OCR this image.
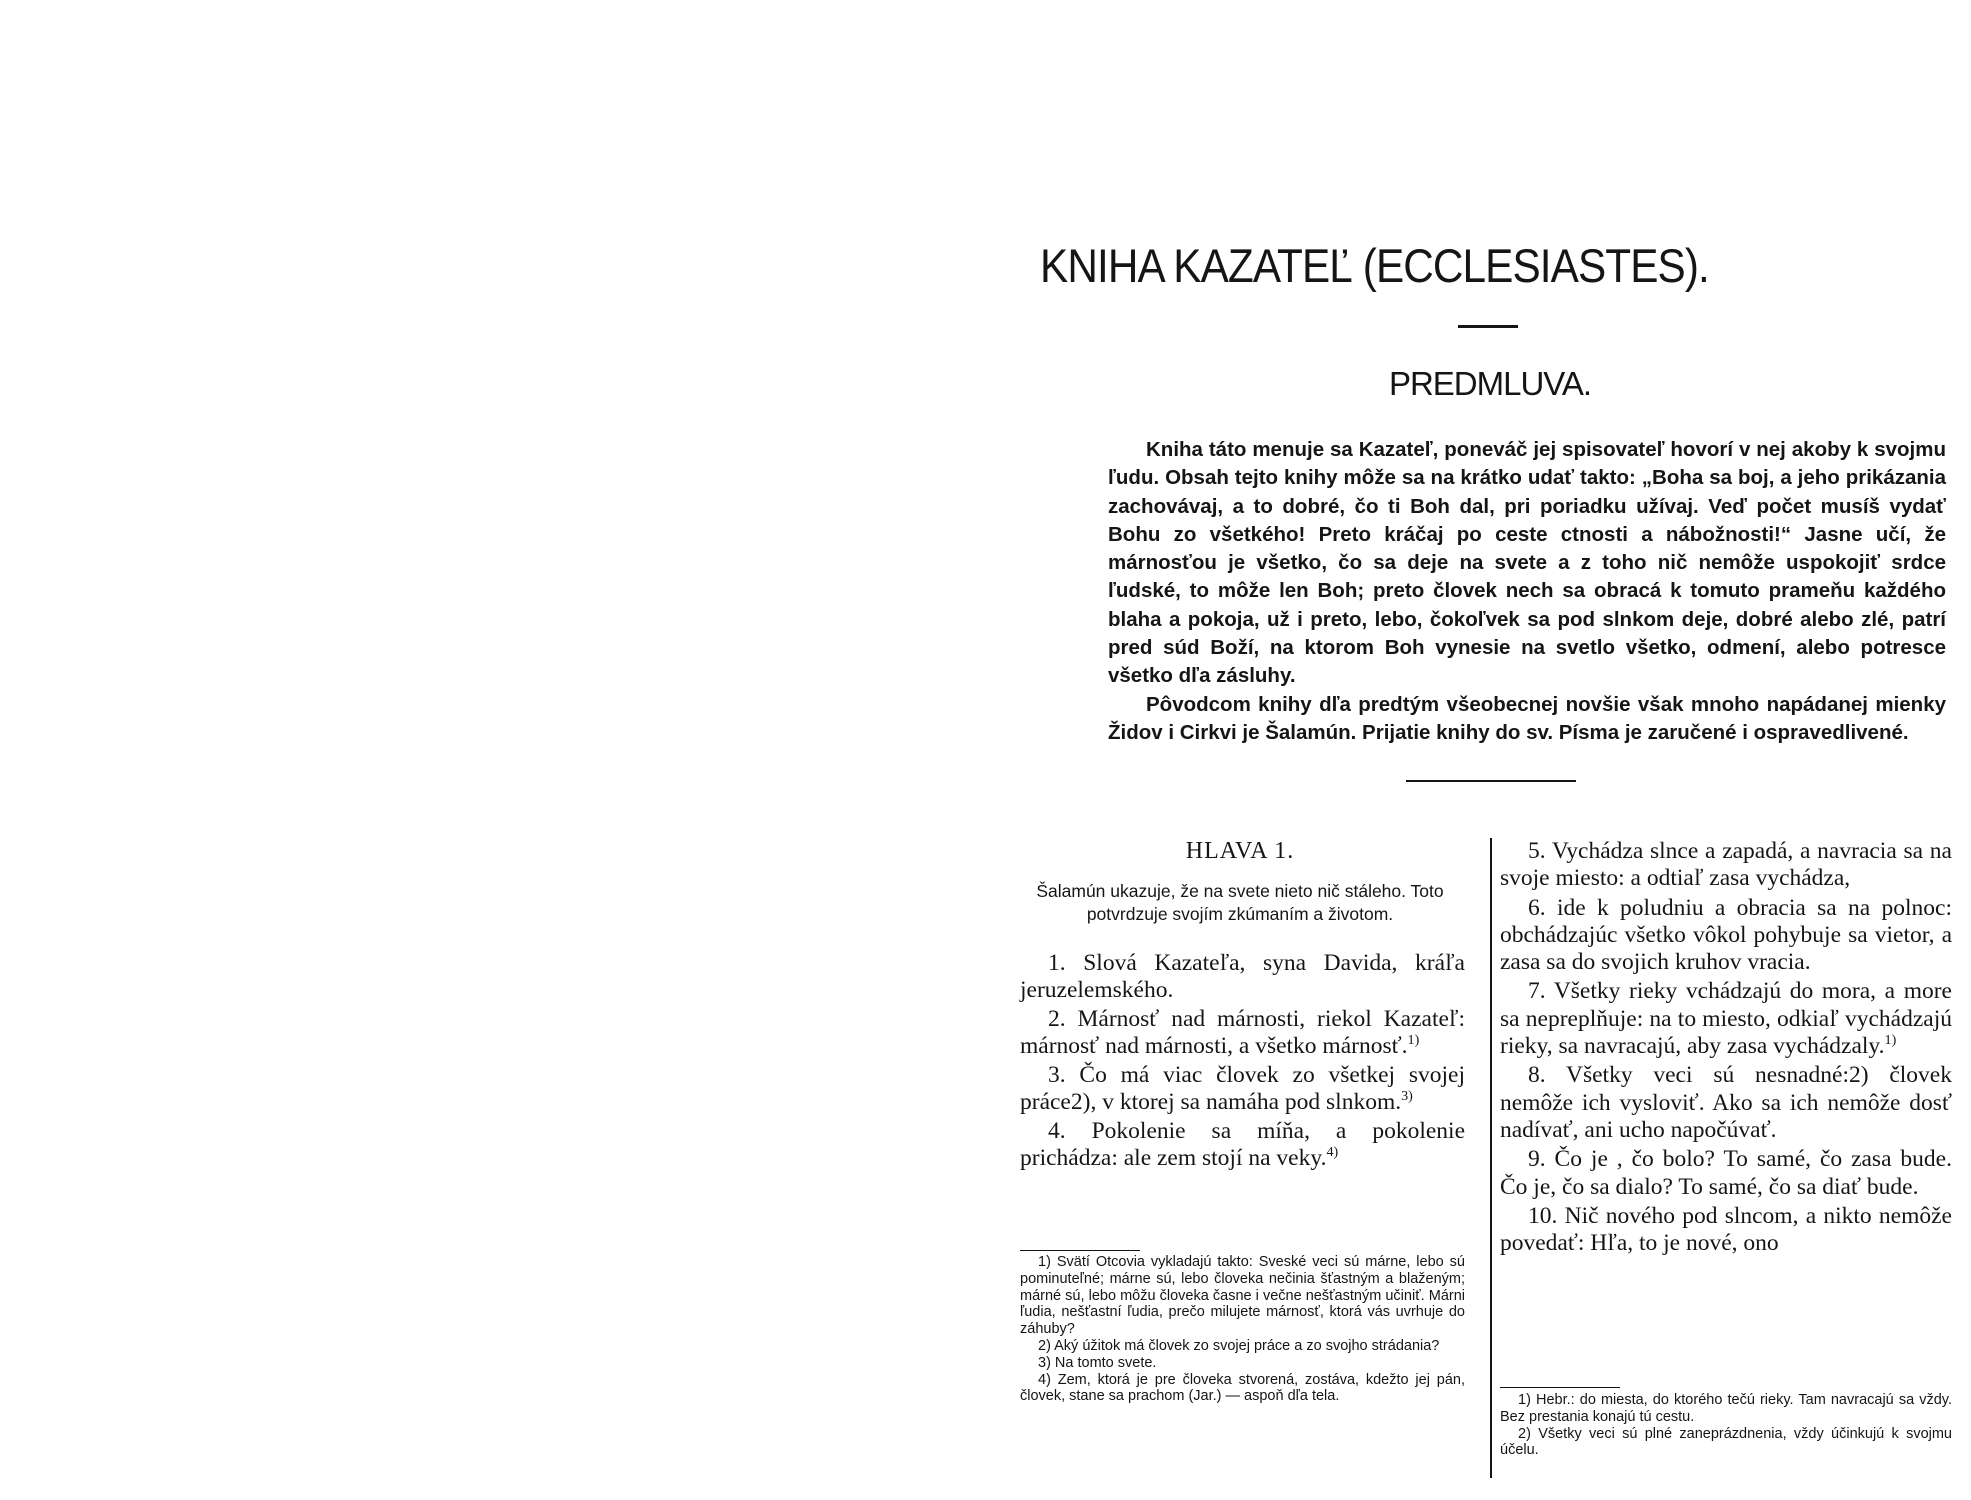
KNIHA KAZATEĽ (ECCLESIASTES).
PREDMLUVA.

Kniha táto menuje sa Kazateľ, poneváč jej spisovateľ hovorí v nej akoby k svojmu ľudu. Obsah tejto knihy môže sa na krátko udať takto: „Boha sa boj, a jeho prikázania zachovávaj, a to dobré, čo ti Boh dal, pri poriadku užívaj. Veď počet musíš vydať Bohu zo všetkého! Preto kráčaj po ceste ctnosti a nábožnosti!“ Jasne učí, že márnosťou je všetko, čo sa deje na svete a z toho nič nemôže uspokojiť srdce ľudské, to môže len Boh; preto človek nech sa obracá k tomuto prameňu každého blaha a pokoja, už i preto, lebo, čokoľvek sa pod slnkom deje, dobré alebo zlé, patrí pred súd Boží, na ktorom Boh vynesie na svetlo všetko, odmení, alebo potresce všetko dľa zásluhy.

Pôvodcom knihy dľa predtým všeobecnej novšie však mnoho napádanej mienky Židov i Cirkvi je Šalamún. Prijatie knihy do sv. Písma je zaručené i ospravedlivené.

HLAVA 1.
Šalamún ukazuje, že na svete nieto nič stáleho. Toto potvrdzuje svojím zkúmaním a životom.

1. Slová Kazateľa, syna Davida, kráľa jeruzelemského.

2. Márnosť nad márnosti, riekol Kazateľ: márnosť nad márnosti, a všetko márnosť.$^{1)}$

3. Čo má viac človek zo všetkej svojej práce2), v ktorej sa namáha pod slnkom.$^{3)}$

4. Pokolenie sa míňa, a pokolenie prichádza: ale zem stojí na veky.$^{4)}$

1) Svätí Otcovia vykladajú takto: Sveské veci sú márne, lebo sú pominuteľné; márne sú, lebo človeka nečinia šťastným a blaženým; márné sú, lebo môžu človeka časne i večne nešťastným učiniť. Márni ľudia, nešťastní ľudia, prečo milujete márnosť, ktorá vás uvrhuje do záhuby?

2) Aký úžitok má človek zo svojej práce a zo svojho strádania?

3) Na tomto svete.

4) Zem, ktorá je pre človeka stvorená, zostáva, kdežto jej pán, človek, stane sa prachom (Jar.) — aspoň dľa tela.

5. Vychádza slnce a zapadá, a navracia sa na svoje miesto: a odtiaľ zasa vychádza,

6. ide k poludniu a obracia sa na polnoc: obchádzajúc všetko vôkol pohybuje sa vietor, a zasa sa do svojich kruhov vracia.

7. Všetky rieky vchádzajú do mora, a more sa nepreplňuje: na to miesto, odkiaľ vychádzajú rieky, sa navracajú, aby zasa vychádzaly.$^{1)}$

8. Všetky veci sú nesnadné:2) človek nemôže ich vysloviť. Ako sa ich nemôže dosť nadívať, ani ucho napočúvať.

9. Čo je , čo bolo? To samé, čo zasa bude. Čo je, čo sa dialo? To samé, čo sa diať bude.

10. Nič nového pod slncom, a nikto nemôže povedať: Hľa, to je nové, ono

1) Hebr.: do miesta, do ktorého tečú rieky. Tam navracajú sa vždy. Bez prestania konajú tú cestu.

2) Všetky veci sú plné zaneprázdnenia, vždy účinkujú k svojmu účelu.
